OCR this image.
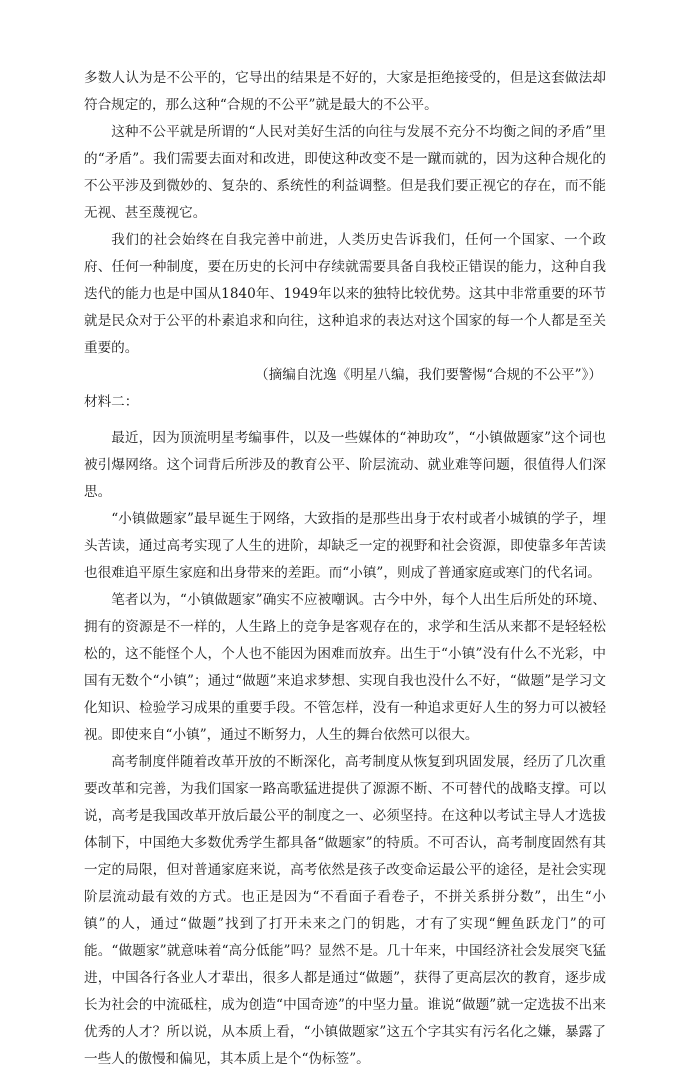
多数人认为是不公平的，它导出的结果是不好的，大家是拒绝接受的，但是这套做法却符合规定的，那么这种“合规的不公平”就是最大的不公平。

这种不公平就是所谓的“人民对美好生活的向往与发展不充分不均衡之间的矛盾”里的“矛盾”。我们需要去面对和改进，即使这种改变不是一蹴而就的，因为这种合规化的不公平涉及到微妙的、复杂的、系统性的利益调整。但是我们要正视它的存在，而不能无视、甚至蔑视它。

我们的社会始终在自我完善中前进，人类历史告诉我们，任何一个国家、一个政府、任何一种制度，要在历史的长河中存续就需要具备自我校正错误的能力，这种自我迭代的能力也是中国从1840年、1949年以来的独特比较优势。这其中非常重要的环节就是民众对于公平的朴素追求和向往，这种追求的表达对这个国家的每一个人都是至关重要的。

（摘编自沈逸《明星八编，我们要警惕“合规的不公平”》）

材料二：

最近，因为顶流明星考编事件，以及一些媒体的“神助攻”，“小镇做题家”这个词也被引爆网络。这个词背后所涉及的教育公平、阶层流动、就业难等问题，很值得人们深思。

“小镇做题家”最早诞生于网络，大致指的是那些出身于农村或者小城镇的学子，埋头苦读，通过高考实现了人生的进阶，却缺乏一定的视野和社会资源，即使靠多年苦读也很难追平原生家庭和出身带来的差距。而“小镇”，则成了普通家庭或寒门的代名词。

笔者以为，“小镇做题家”确实不应被嘲讽。古今中外，每个人出生后所处的环境、拥有的资源是不一样的，人生路上的竞争是客观存在的，求学和生活从来都不是轻轻松松的，这不能怪个人，个人也不能因为困难而放弃。出生于“小镇”没有什么不光彩，中国有无数个“小镇”；通过“做题”来追求梦想、实现自我也没什么不好，“做题”是学习文化知识、检验学习成果的重要手段。不管怎样，没有一种追求更好人生的努力可以被轻视。即使来自“小镇”，通过不断努力，人生的舞台依然可以很大。

高考制度伴随着改革开放的不断深化，高考制度从恢复到巩固发展，经历了几次重要改革和完善，为我们国家一路高歌猛进提供了源源不断、不可替代的战略支撑。可以说，高考是我国改革开放后最公平的制度之一、必须坚持。在这种以考试主导人才选拔体制下，中国绝大多数优秀学生都具备“做题家”的特质。不可否认，高考制度固然有其一定的局限，但对普通家庭来说，高考依然是孩子改变命运最公平的途径，是社会实现阶层流动最有效的方式。也正是因为“不看面子看卷子，不拼关系拼分数”，出生“小镇”的人，通过“做题”找到了打开未来之门的钥匙，才有了实现“鲤鱼跃龙门”的可能。“做题家”就意味着“高分低能”吗？显然不是。几十年来，中国经济社会发展突飞猛进，中国各行各业人才辈出，很多人都是通过“做题”，获得了更高层次的教育，逐步成长为社会的中流砥柱，成为创造“中国奇迹”的中坚力量。谁说“做题”就一定选拔不出来优秀的人才？所以说，从本质上看，“小镇做题家”这五个字其实有污名化之嫌，暴露了一些人的傲慢和偏见，其本质上是个“伪标签”。
